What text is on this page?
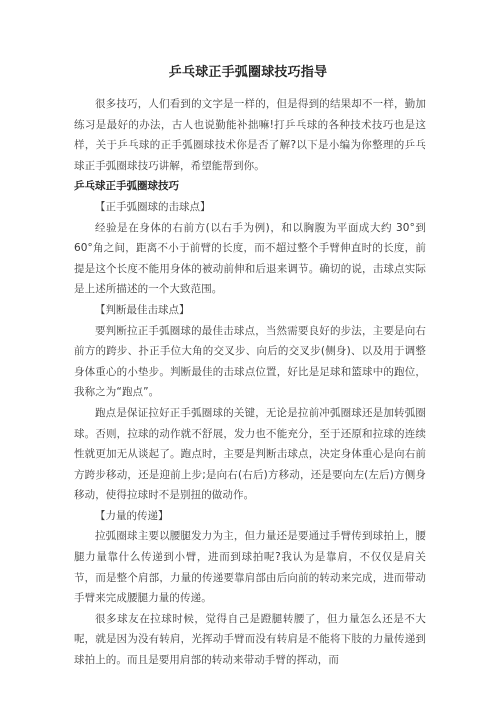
乒乓球正手弧圈球技巧指导

很多技巧，人们看到的文字是一样的，但是得到的结果却不一样，勤加练习是最好的办法，古人也说勤能补拙嘛!打乒乓球的各种技术技巧也是这样，关于乒乓球的正手弧圈球技术你是否了解?以下是小编为你整理的乒乓球正手弧圈球技巧讲解，希望能帮到你。

乒乓球正手弧圈球技巧

【正手弧圈球的击球点】

经验是在身体的右前方(以右手为例)，和以胸腹为平面成大约 30°到60°角之间，距离不小于前臂的长度，而不超过整个手臂伸直时的长度，前提是这个长度不能用身体的被动前伸和后退来调节。确切的说，击球点实际是上述所描述的一个大致范围。

【判断最佳击球点】

要判断拉正手弧圈球的最佳击球点，当然需要良好的步法，主要是向右前方的跨步、扑正手位大角的交叉步、向后的交叉步(侧身)、以及用于调整身体重心的小垫步。判断最佳的击球点位置，好比是足球和篮球中的跑位，我称之为“跑点”。

跑点是保证拉好正手弧圈球的关键，无论是拉前冲弧圈球还是加转弧圈球。否则，拉球的动作就不舒展，发力也不能充分，至于还原和拉球的连续性就更加无从谈起了。跑点时，主要是判断击球点，决定身体重心是向右前方跨步移动，还是迎前上步;是向右(右后)方移动，还是要向左(左后)方侧身移动，使得拉球时不是别扭的做动作。

【力量的传递】

拉弧圈球主要以腰腿发力为主，但力量还是要通过手臂传到球拍上，腰腿力量靠什么传递到小臂，进而到球拍呢?我认为是靠肩，不仅仅是肩关节，而是整个肩部，力量的传递要靠肩部由后向前的转动来完成，进而带动手臂来完成腰腿力量的传递。

很多球友在拉球时候，觉得自己是蹬腿转腰了，但力量怎么还是不大呢，就是因为没有转肩，光挥动手臂而没有转肩是不能将下肢的力量传递到球拍上的。而且是要用肩部的转动来带动手臂的挥动，而
